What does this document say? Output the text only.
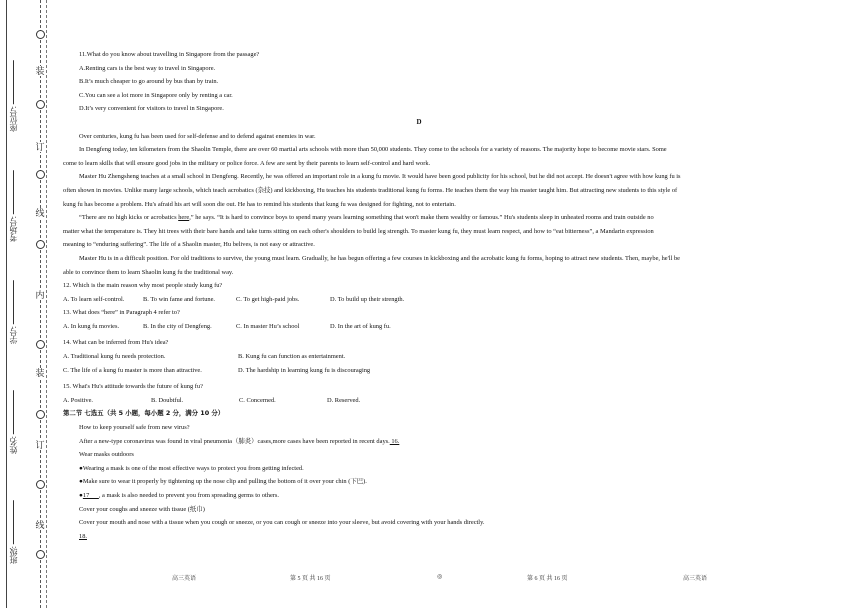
装
订
线
内
装
订
线
班级:
姓名:
学号:
考场号:
座位号:
11.What do you know about travelling in Singapore from the passage?
A.Renting cars is the best way to travel in Singapore.
B.It’s much cheaper to go around by bus than by train.
C.You can see a lot more in Singapore only by renting a car.
D.It’s very convenient for visitors to travel in Singapore.
D
Over centuries, kung fu has been used for self-defense and to defend against enemies in war.
In Dengfeng today, ten kilometers from the Shaolin Temple, there are over 60 martial arts schools with more than 50,000 students. They come to the schools for a variety of reasons. The majority hope to become movie stars. Some
come to learn skills that will ensure good jobs in the military or police force. A few are sent by their parents to learn self-control and hard work.
Master Hu Zhengsheng teaches at a small school in Dengfeng. Recently, he was offered an important role in a kung fu movie. It would have been good publicity for his school, but he did not accept. He doesn't agree with how kung fu is
often shown in movies. Unlike many large schools, which teach acrobatics (杂技) and kickboxing, Hu teaches his students traditional kung fu forms. He teaches them the way his master taught him. But attracting new students to this style of
kung fu has become a problem. Hu's afraid his art will soon die out. He has to remind his students that kung fu was designed for fighting, not to entertain.
“There are no high kicks or acrobatics here,” he says. “It is hard to convince boys to spend many years learning something that won't make them wealthy or famous.” Hu's students sleep in unheated rooms and train outside no
matter what the temperature is. They hit trees with their bare hands and take turns sitting on each other's shoulders to build leg strength. To master kung fu, they must learn respect, and how to “eat bitterness”, a Mandarin expression
meaning to “enduring suffering”. The life of a Shaolin master, Hu belives, is not easy or attractive.
Master Hu is in a difficult position. For old traditions to survive, the young must learn. Gradually, he has begun offering a few courses in kickboxing and the acrobatic kung fu forms, hoping to attract new students. Then, maybe, he'll be
able to convince them to learn Shaolin kung fu the traditional way.
12. Which is the main reason why most people study kung fu?
A. To learn self-control.	B. To win fame and fortune.	C. To get high-paid jobs.	D. To build up their strength.
13. What does “here” in Paragraph 4 refer to?
A. In kung fu movies.	B. In the city of Dengfeng.	C. In master Hu’s school	D. In the art of kung fu.
14. What can be inferred from Hu's idea?
A. Traditional kung fu needs protection.	B. Kung fu can function as entertainment.
C. The life of a kung fu master is more than attractive.	D. The hardship in learning kung fu is discouraging
15. What's Hu's attitude towards the future of kung fu?
A. Positive.	B. Doubtful.	C. Concerned.	D. Reserved.
第二节 七选五（共 5 小题，每小题 2 分，满分 10 分）
How to keep yourself safe from new virus?
After a new-type coronavirus was found in viral pneumonia（肺炎）cases,more cases have been reported in recent days. 16.
Wear masks outdoors
●Wearing a mask is one of the most effective ways to protect you from getting infected.
●Make sure to wear it properly by tightening up the nose clip and pulling the bottom of it over your chin (下巴).
●17      , a mask is also needed to prevent you from spreading germs to others.
Cover your coughs and sneeze with tissue (纸巾)
Cover your mouth and nose with a tissue when you cough or sneeze, or you can cough or sneeze into your sleeve, but avoid covering with your hands directly.
18.
高三英语	第 5 页 共 16 页	◎	第 6 页 共 16 页	高三英语
